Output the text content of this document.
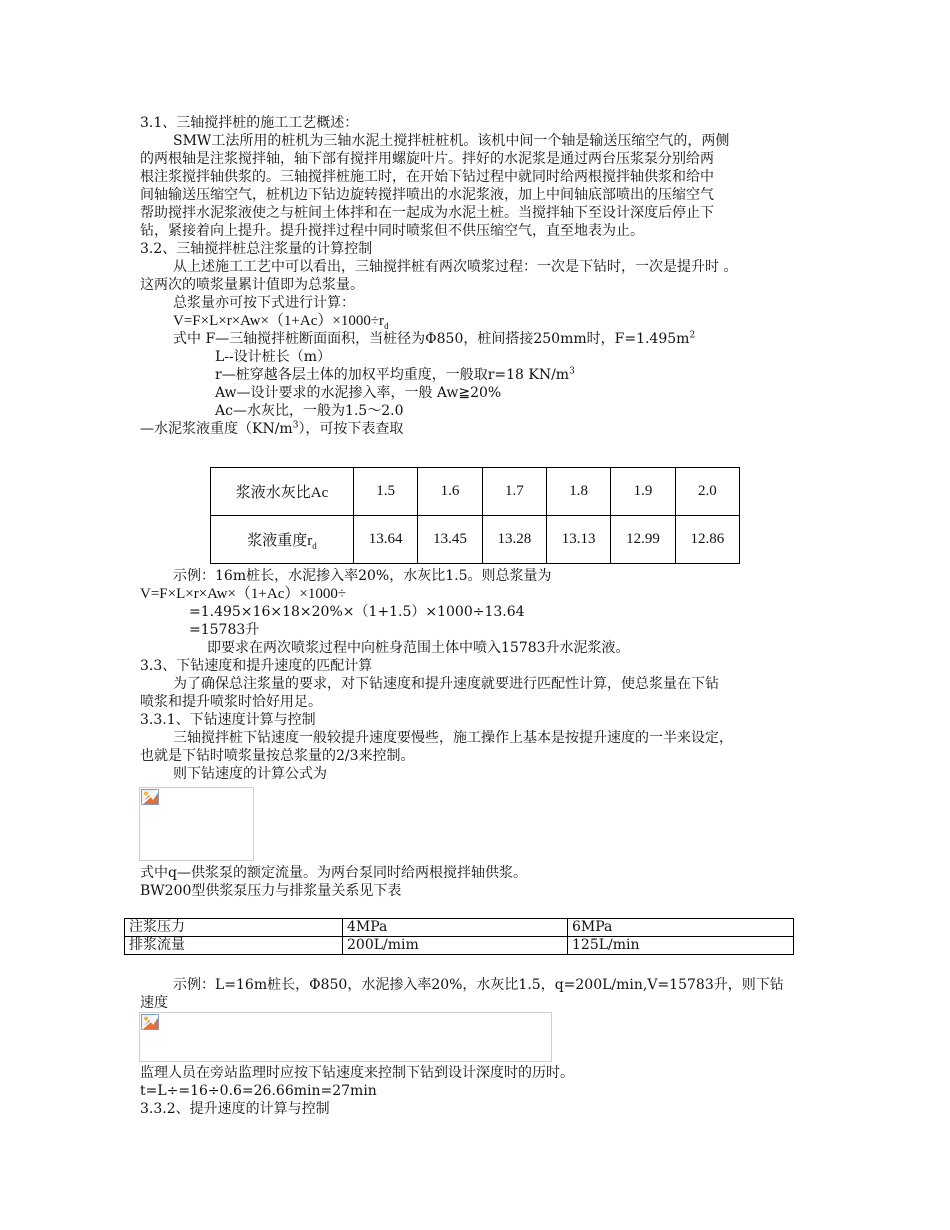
3.1、三轴搅拌桩的施工工艺概述：
SMW工法所用的桩机为三轴水泥土搅拌桩桩机。该机中间一个轴是输送压缩空气的，两侧
的两根轴是注浆搅拌轴，轴下部有搅拌用螺旋叶片。拌好的水泥浆是通过两台压浆泵分别给两
根注浆搅拌轴供浆的。三轴搅拌桩施工时，在开始下钻过程中就同时给两根搅拌轴供浆和给中
间轴输送压缩空气，桩机边下钻边旋转搅拌喷出的水泥浆液，加上中间轴底部喷出的压缩空气
帮助搅拌水泥浆液使之与桩间土体拌和在一起成为水泥土桩。当搅拌轴下至设计深度后停止下
钻，紧接着向上提升。提升搅拌过程中同时喷浆但不供压缩空气，直至地表为止。
3.2、三轴搅拌桩总注浆量的计算控制
从上述施工工艺中可以看出，三轴搅拌桩有两次喷浆过程：一次是下钻时，一次是提升时 。
这两次的喷浆量累计值即为总浆量。
总浆量亦可按下式进行计算：
$V=F\times L\times r\times Aw\times(1+Ac)\times 1000\div r_d$
式中 F—三轴搅拌桩断面面积，当桩径为Φ850，桩间搭接250mm时，$F=1.495m^2$
L--设计桩长（m）
r—桩穿越各层土体的加权平均重度，一般取r=18 $KN/m^3$
Aw—设计要求的水泥掺入率，一般 Aw≧20%
Ac—水灰比，一般为1.5～2.0
—水泥浆液重度$(KN/m^3)$，可按下表查取
浆液水灰比Ac	1.5	1.6	1.7	1.8	1.9	2.0
浆液重度$r_d$	13.64	13.45	13.28	13.13	12.99	12.86
示例：16m桩长，水泥掺入率20%，水灰比1.5。则总浆量为
V=F×L×r×Aw×（1+Ac）×1000÷
=1.495×16×18×20%×（1+1.5）×1000÷13.64
=15783升
即要求在两次喷浆过程中向桩身范围土体中喷入15783升水泥浆液。
3.3、下钻速度和提升速度的匹配计算
为了确保总注浆量的要求，对下钻速度和提升速度就要进行匹配性计算，使总浆量在下钻
喷浆和提升喷浆时恰好用足。
3.3.1、下钻速度计算与控制
三轴搅拌桩下钻速度一般较提升速度要慢些，施工操作上基本是按提升速度的一半来设定，
也就是下钻时喷浆量按总浆量的2/3来控制。
则下钻速度的计算公式为
式中q—供浆泵的额定流量。为两台泵同时给两根搅拌轴供浆。
BW200型供浆泵压力与排浆量关系见下表
注浆压力	4MPa	6MPa
排浆流量	200L/mim	125L/min
示例：L=16m桩长，Φ850，水泥掺入率20%，水灰比1.5，q=200L/min,V=15783升，则下钻
速度
监理人员在旁站监理时应按下钻速度来控制下钻到设计深度时的历时。
t=L÷=16÷0.6=26.66min=27min
3.3.2、提升速度的计算与控制
